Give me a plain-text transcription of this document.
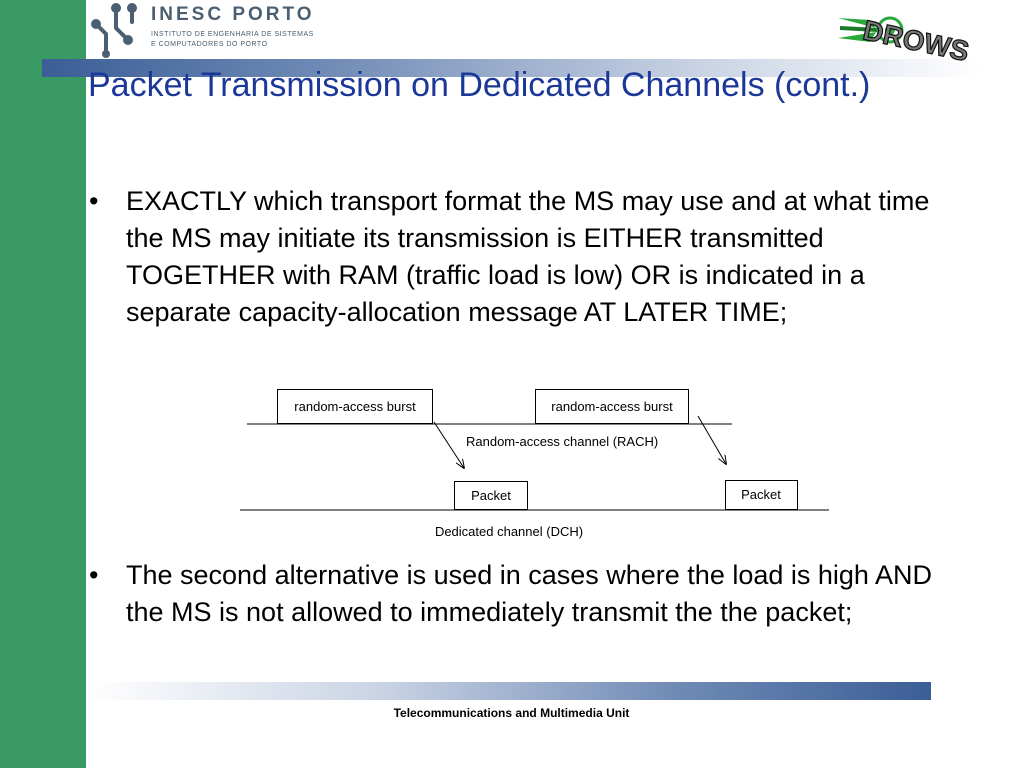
INESC PORTO
INSTITUTO DE ENGENHARIA DE SISTEMAS
E COMPUTADORES DO PORTO	DROWS
Packet Transmission on Dedicated Channels (cont.)
• EXACTLY which transport format the MS may use and at what time the MS may initiate its transmission is EITHER transmitted TOGETHER with RAM (traffic load is low) OR is indicated in a separate capacity-allocation message AT LATER TIME;
random-access burst	random-access burst
Random-access channel (RACH)
Packet	Packet
Dedicated channel (DCH)
• The second alternative is used in cases where the load is high AND the MS is not allowed to immediately transmit the the packet;
Telecommunications and Multimedia Unit
